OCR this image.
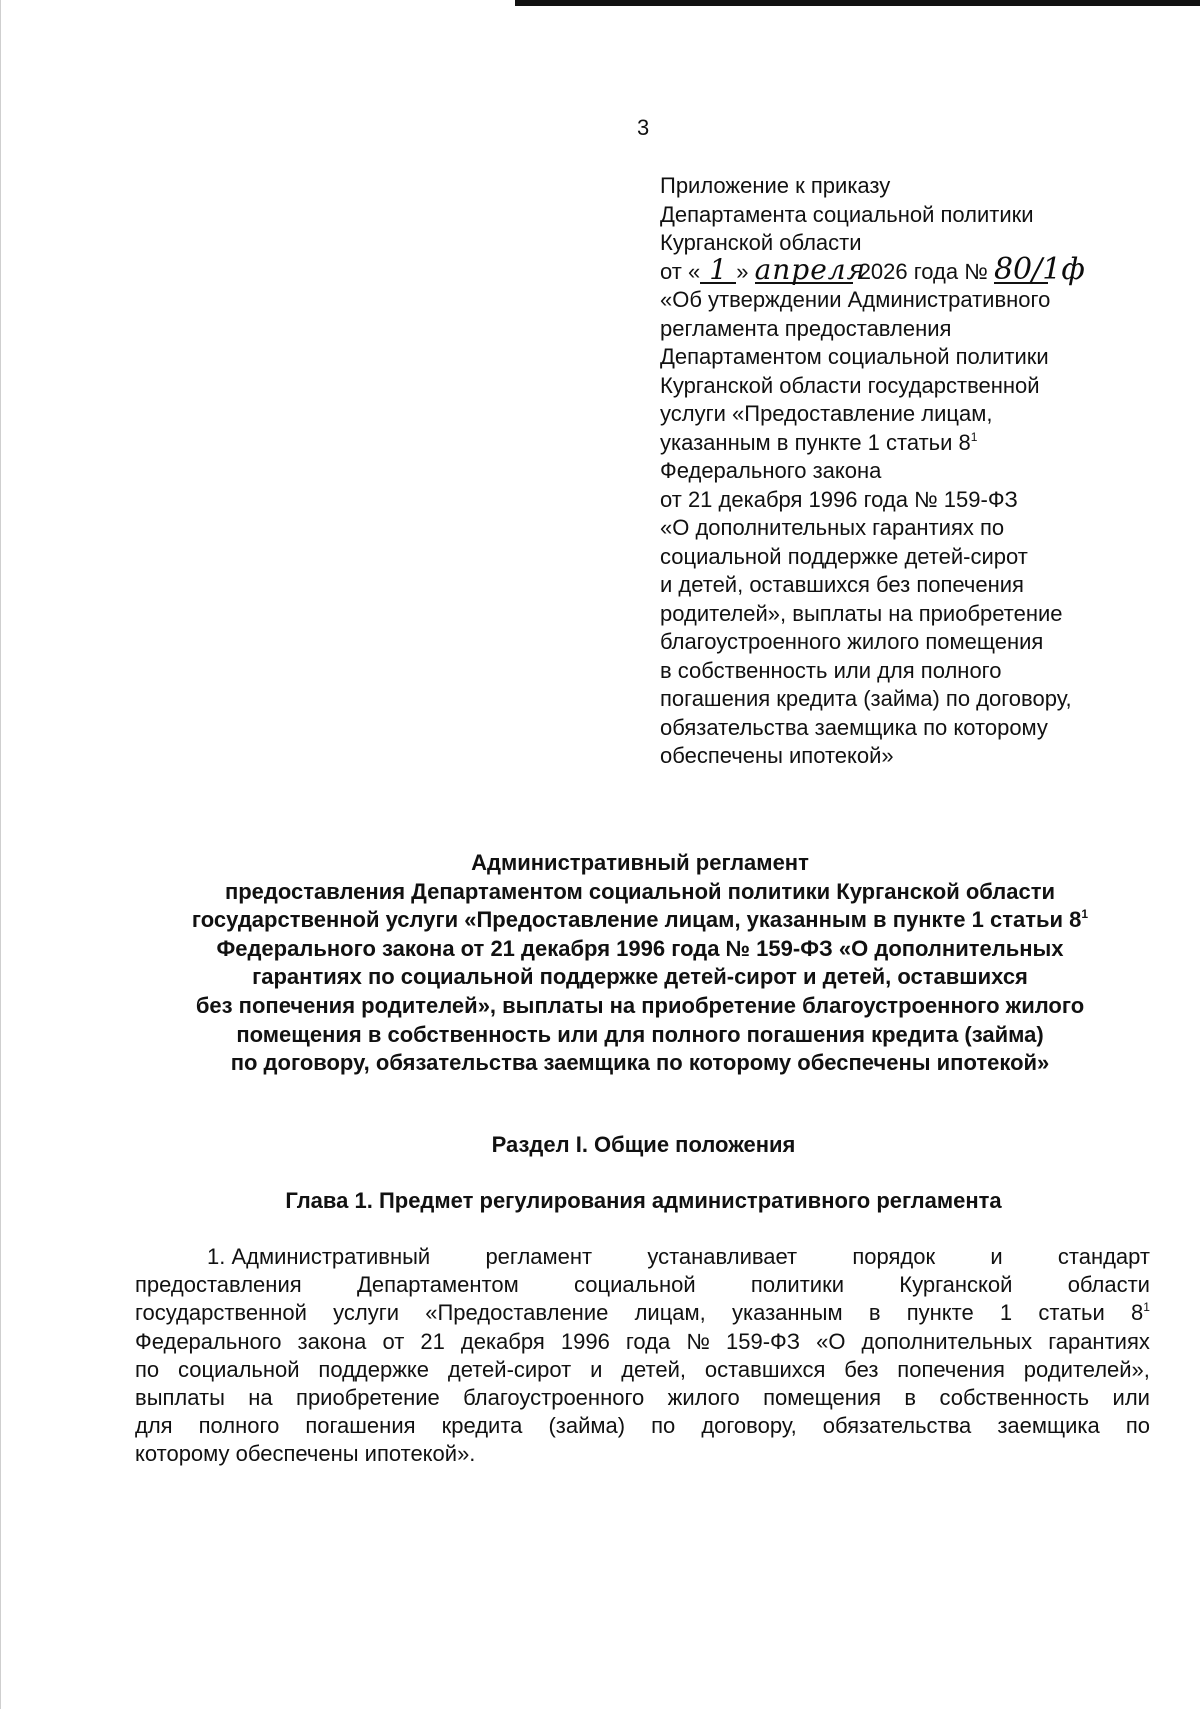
3
Приложение к приказу
Департамента социальной политики
Курганской области
от « 1 » апреля 2026 года № 80/1ф
«Об утверждении Административного
регламента предоставления
Департаментом социальной политики
Курганской области государственной
услуги «Предоставление лицам,
указанным в пункте 1 статьи $8^1$
Федерального закона
от 21 декабря 1996 года № 159-ФЗ
«О дополнительных гарантиях по
социальной поддержке детей-сирот
и детей, оставшихся без попечения
родителей», выплаты на приобретение
благоустроенного жилого помещения
в собственность или для полного
погашения кредита (займа) по договору,
обязательства заемщика по которому
обеспечены ипотекой»
Административный регламент
предоставления Департаментом социальной политики Курганской области
государственной услуги «Предоставление лицам, указанным в пункте 1 статьи $8^1$
Федерального закона от 21 декабря 1996 года № 159-ФЗ «О дополнительных
гарантиях по социальной поддержке детей-сирот и детей, оставшихся
без попечения родителей», выплаты на приобретение благоустроенного жилого
помещения в собственность или для полного погашения кредита (займа)
по договору, обязательства заемщика по которому обеспечены ипотекой»
Раздел I. Общие положения
Глава 1. Предмет регулирования административного регламента
1. Административный	регламент	устанавливает	порядок	и	стандарт
предоставления	Департаментом	социальной	политики	Курганской	области
государственной услуги «Предоставление лицам, указанным в пункте 1 статьи $8^1$
Федерального закона от 21 декабря 1996 года № 159-ФЗ «О дополнительных гарантиях
по социальной поддержке детей-сирот и детей, оставшихся без попечения родителей»,
выплаты на приобретение благоустроенного жилого помещения в собственность или
для полного погашения кредита (займа) по договору, обязательства заемщика по
которому обеспечены ипотекой».
